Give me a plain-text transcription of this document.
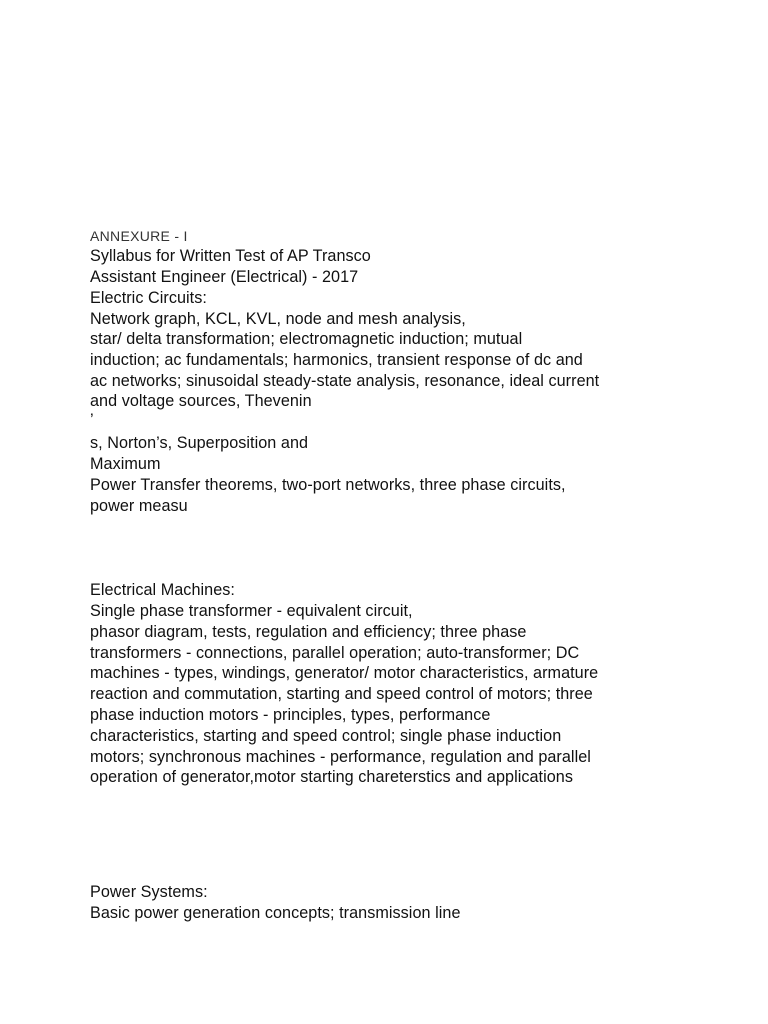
ANNEXURE - I
Syllabus for Written Test of AP Transco
Assistant Engineer (Electrical) - 2017
Electric Circuits:
Network graph, KCL, KVL, node and mesh analysis,
star/ delta transformation; electromagnetic induction; mutual
induction; ac fundamentals; harmonics, transient response of dc and
ac networks; sinusoidal steady-state analysis, resonance, ideal current
and voltage sources, Thevenin
’
s, Norton’s, Superposition and
Maximum
Power Transfer theorems, two-port networks, three phase circuits,
power measu
Electrical Machines:
Single phase transformer - equivalent circuit,
phasor diagram, tests, regulation and efficiency; three phase
transformers - connections, parallel operation; auto-transformer; DC
machines - types, windings, generator/ motor characteristics, armature
reaction and commutation, starting and speed control of motors; three
phase induction motors - principles, types, performance
characteristics, starting and speed control; single phase induction
motors; synchronous machines - performance, regulation and parallel
operation of generator,motor starting chareterstics and applications
Power Systems:
Basic power generation concepts; transmission line
